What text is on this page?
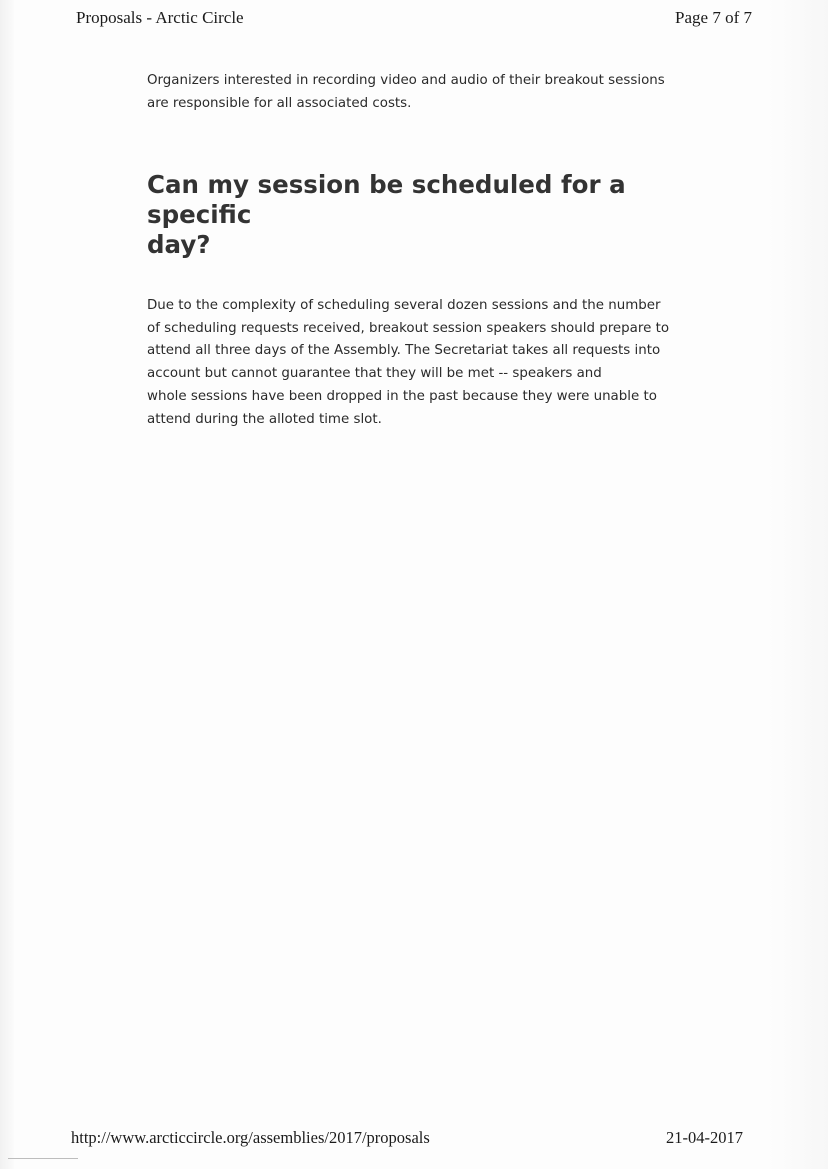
Proposals - Arctic Circle	Page 7 of 7

Organizers interested in recording video and audio of their breakout sessions
are responsible for all associated costs.

Can my session be scheduled for a specific
day?

Due to the complexity of scheduling several dozen sessions and the number
of scheduling requests received, breakout session speakers should prepare to
attend all three days of the Assembly. The Secretariat takes all requests into
account but cannot guarantee that they will be met -- speakers and
whole sessions have been dropped in the past because they were unable to
attend during the alloted time slot.

http://www.arcticcircle.org/assemblies/2017/proposals	21-04-2017
